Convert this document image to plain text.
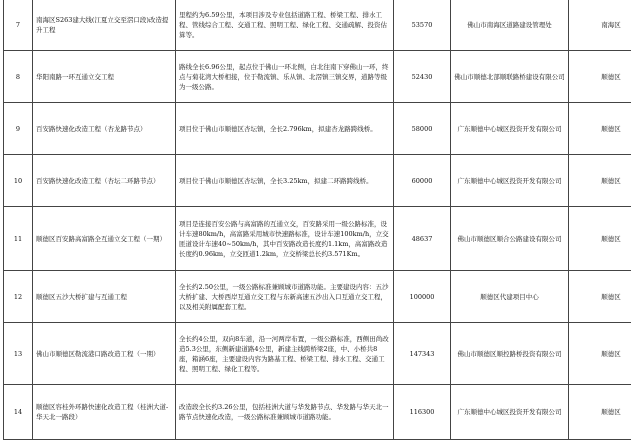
7	南海区S263建大线(江夏立交至滘口段)改造提升工程	里程约为6.59公里，本项目涉及专业包括道路工程、桥梁工程、排水工程、管线综合工程、交通工程、照明工程、绿化工程、交通疏解、投资估算等。	53570	佛山市南海区道路建设管理处	南海区
8	华阳南路一环互通立交工程	路线全长6.96公里，起点位于佛山一环北侧，白北往南下穿佛山一环，终点与菊花湾大桥相接，位于勒流镇、乐从镇、北滘镇三镇交界，道路等级为一级公路。	52430	佛山市顺德北部顺联路桥建设有限公司	顺德区
9	百安路快速化改造工程（杏龙路节点）	项目位于佛山市顺德区杏坛镇，全长2.796km，拟建杏龙路跨线桥。	58000	广东顺德中心城区投资开发有限公司	顺德区
10	百安路快速化改造工程（杏坛二环路节点）	项目位于佛山市顺德区杏坛镇，全长3.25km，拟建二环路跨线桥。	60000	广东顺德中心城区投资开发有限公司	顺德区
11	顺德区百安路高富路全互通立交工程（一期）	项目是连接百安公路与高富路的互通立交，百安路采用一级公路标准，设计车速80km/h，高富路采用城市快速路标准，设计车速100km/h，立交匝道设计车速40~50km/h，其中百安路改造长度约1.1km，高富路改造长度约0.96km，立交匝道1.2km，立交桥梁总长约3.571Km。	48637	佛山市顺德区顺合公路建设有限公司	顺德区
12	顺德区五沙大桥扩建与互通工程	全长约2.50公里，一级公路标准兼顾城市道路功能。主要建设内容：五沙大桥扩建、大桥西岸互通立交工程与东新高速五沙出入口互通立交工程，以及相关附属配套工程。	100000	顺德区代建项目中心	顺德区
13	佛山市顺德区勒流港口路改造工程（一期）	全长约4公里，双向8车道，沿一河两岸布置，一级公路标准，西侧田尚改造5.3公里，东侧新建道路4公里，新建主线跨桥梁2座，中、小桥共8座，箱涵6座，主要建设内容为路基工程、桥梁工程、排水工程、交通工程、照明工程、绿化工程等。	147343	佛山市顺德区顺控路桥投资有限公司	顺德区
14	顺德区容桂外环路快速化改造工程（桂洲大道-华天北一路段）	改造段全长约3.26公里，包括桂洲大道与华发路节点、华发路与华天北一路节点快速化改造，一级公路标准兼顾城市道路功能。	116300	广东顺德中心城区投资开发有限公司	顺德区
